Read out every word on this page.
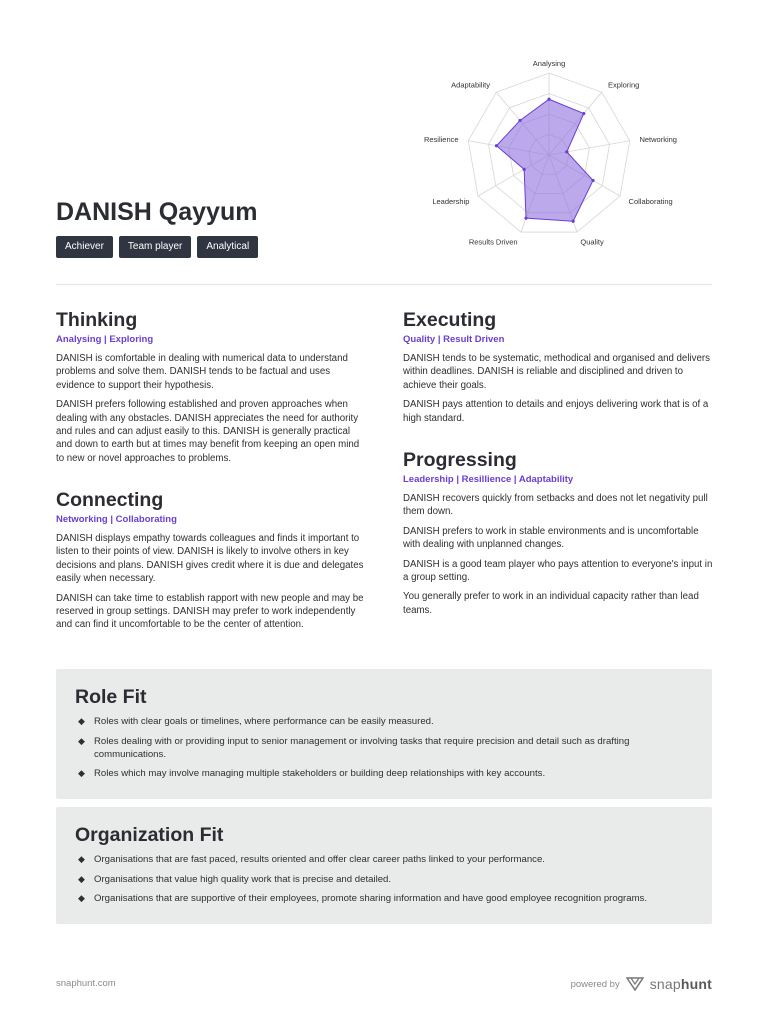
Analysing
Exploring
Networking
Collaborating
Quality
Results Driven
Leadership
Resilience
Adaptability
DANISH Qayyum
Achiever	Team player	Analytical
Thinking
Analysing | Exploring

DANISH is comfortable in dealing with numerical data to understand problems and solve them. DANISH tends to be factual and uses evidence to support their hypothesis.

DANISH prefers following established and proven approaches when dealing with any obstacles. DANISH appreciates the need for authority and rules and can adjust easily to this. DANISH is generally practical and down to earth but at times may benefit from keeping an open mind to new or novel approaches to problems.

Connecting
Networking | Collaborating

DANISH displays empathy towards colleagues and finds it important to listen to their points of view. DANISH is likely to involve others in key decisions and plans. DANISH gives credit where it is due and delegates easily when necessary.

DANISH can take time to establish rapport with new people and may be reserved in group settings. DANISH may prefer to work independently and can find it uncomfortable to be the center of attention.

Executing
Quality | Result Driven

DANISH tends to be systematic, methodical and organised and delivers within deadlines. DANISH is reliable and disciplined and driven to achieve their goals.

DANISH pays attention to details and enjoys delivering work that is of a high standard.

Progressing
Leadership | Resillience | Adaptability

DANISH recovers quickly from setbacks and does not let negativity pull them down.

DANISH prefers to work in stable environments and is uncomfortable with dealing with unplanned changes.

DANISH is a good team player who pays attention to everyone's input in a group setting.

You generally prefer to work in an individual capacity rather than lead teams.

Role Fit
◆ Roles with clear goals or timelines, where performance can be easily measured.
◆ Roles dealing with or providing input to senior management or involving tasks that require precision and detail such as drafting communications.
◆ Roles which may involve managing multiple stakeholders or building deep relationships with key accounts.
Organization Fit
◆ Organisations that are fast paced, results oriented and offer clear career paths linked to your performance.
◆ Organisations that value high quality work that is precise and detailed.
◆ Organisations that are supportive of their employees, promote sharing information and have good employee recognition programs.
snaphunt.com	powered by snaphunt
